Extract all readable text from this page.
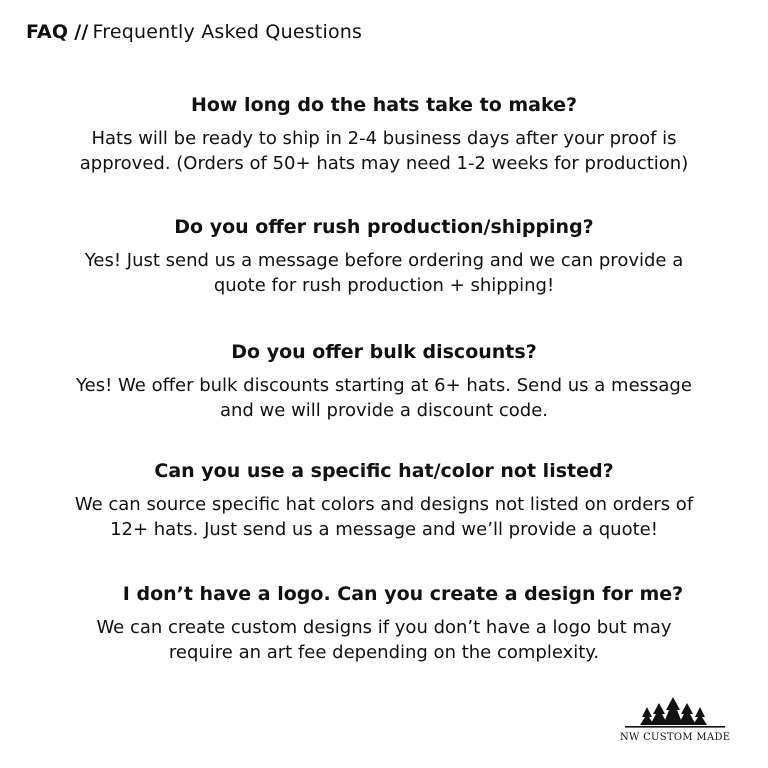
FAQ // Frequently Asked Questions
How long do the hats take to make?
Hats will be ready to ship in 2-4 business days after your proof is
approved. (Orders of 50+ hats may need 1-2 weeks for production)
Do you offer rush production/shipping?
Yes! Just send us a message before ordering and we can provide a
quote for rush production + shipping!
Do you offer bulk discounts?
Yes! We offer bulk discounts starting at 6+ hats. Send us a message
and we will provide a discount code.
Can you use a specific hat/color not listed?
We can source specific hat colors and designs not listed on orders of
12+ hats. Just send us a message and we’ll provide a quote!
I don’t have a logo. Can you create a design for me?
We can create custom designs if you don’t have a logo but may
require an art fee depending on the complexity.
NW CUSTOM MADE
